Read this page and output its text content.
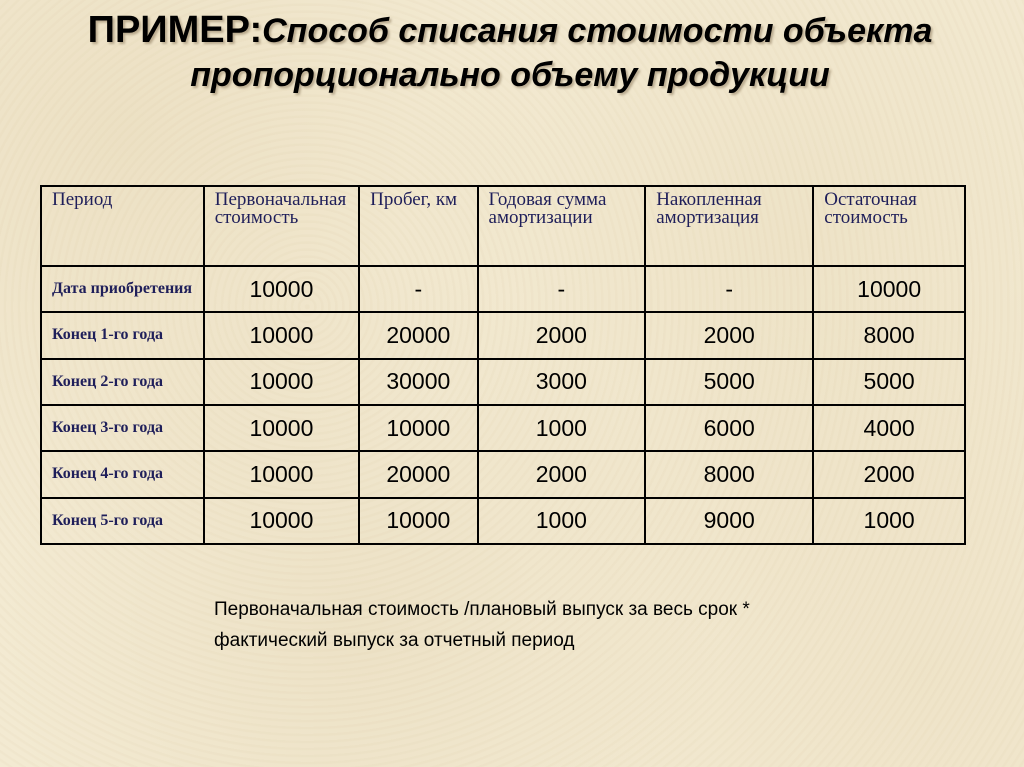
ПРИМЕР:Способ списания стоимости объекта пропорционально объему продукции
Период	Первоначальная стоимость	Пробег, км	Годовая сумма амортизации	Накопленная амортизация	Остаточная стоимость
Дата приобретения	10000	-	-	-	10000
Конец 1-го года	10000	20000	2000	2000	8000
Конец 2-го года	10000	30000	3000	5000	5000
Конец 3-го года	10000	10000	1000	6000	4000
Конец 4-го года	10000	20000	2000	8000	2000
Конец 5-го года	10000	10000	1000	9000	1000
Первоначальная стоимость /плановый выпуск за весь срок * фактический выпуск за отчетный период
